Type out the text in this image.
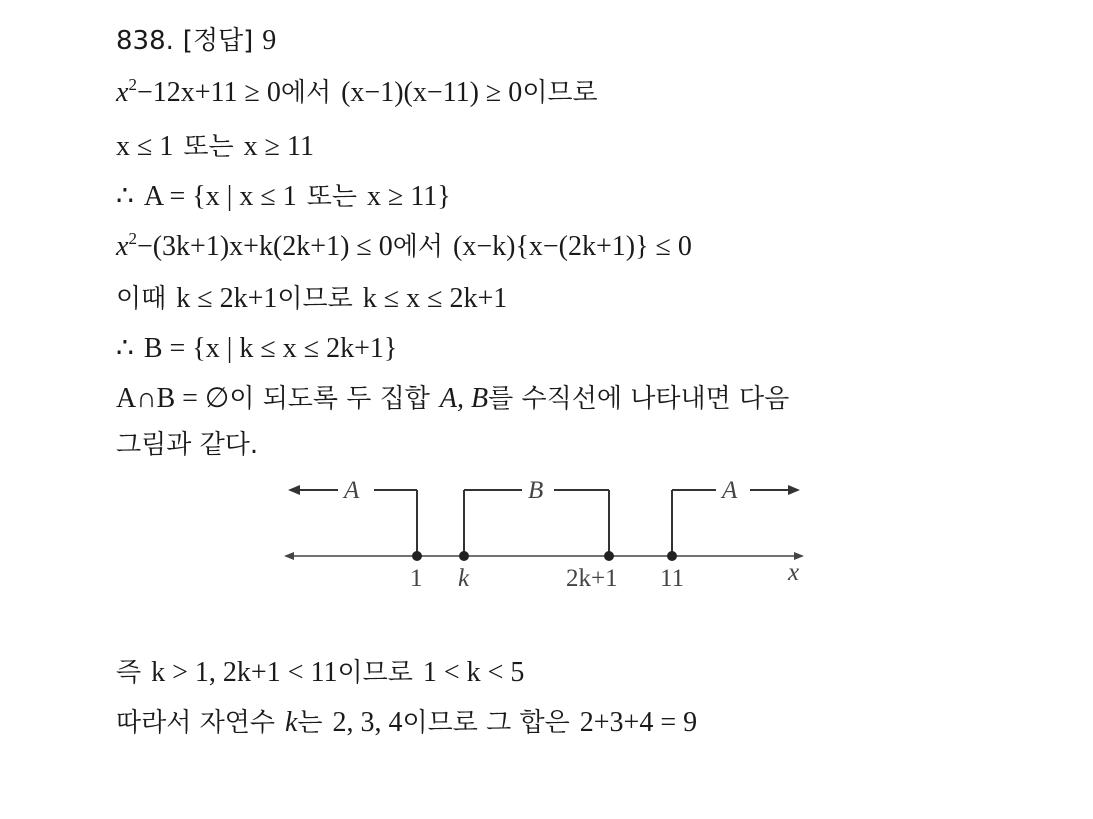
838. [정답] 9
$x^2-12x+11 \ge 0$에서 (x−1)(x−11) ≥ 0이므로
x ≤ 1 또는 x ≥ 11
∴ A = {x | x ≤ 1 또는 x ≥ 11}
$x^2-(3k+1)x+k(2k+1) \le 0$에서 (x−k){x−(2k+1)} ≤ 0
이때 k ≤ 2k+1이므로 k ≤ x ≤ 2k+1
∴ B = {x | k ≤ x ≤ 2k+1}
A∩B = ∅이 되도록 두 집합 A, B를 수직선에 나타내면 다음
그림과 같다.
A	B	A
1 k	2k+1 11	x
즉 k > 1, 2k+1 < 11이므로 1 < k < 5
따라서 자연수 k는 2, 3, 4이므로 그 합은 2+3+4 = 9
